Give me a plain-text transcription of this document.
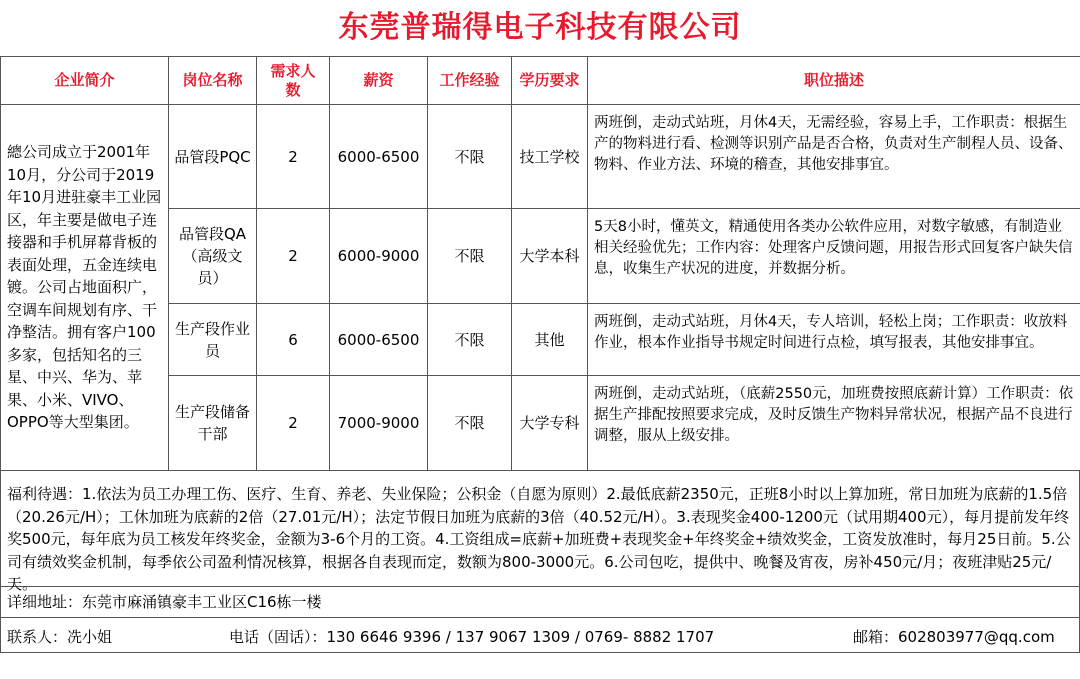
东莞普瑞得电子科技有限公司
企业简介	岗位名称	需求人数	薪资	工作经验	学历要求	职位描述
總公司成立于2001年10月，分公司于2019年10月进驻豪丰工业园区，年主要是做电子连接器和手机屏幕背板的表面处理，五金连续电镀。公司占地面积广，空调车间规划有序、干净整洁。拥有客户100多家，包括知名的三星、中兴、华为、苹果、小米、VIVO、OPPO等大型集团。	品管段PQC	2	6000-6500	不限	技工学校	两班倒，走动式站班，月休4天，无需经验，容易上手，工作职责：根据生产的物料进行看、检测等识别产品是否合格，负责对生产制程人员、设备、物料、作业方法、环境的稽查，其他安排事宜。
	品管段QA（高级文员）	2	6000-9000	不限	大学本科	5天8小时，懂英文，精通使用各类办公软件应用，对数字敏感，有制造业相关经验优先；工作内容：处理客户反馈问题，用报告形式回复客户缺失信息，收集生产状况的进度，并数据分析。
	生产段作业员	6	6000-6500	不限	其他	两班倒，走动式站班，月休4天，专人培训，轻松上岗；工作职责：收放料作业，根本作业指导书规定时间进行点检，填写报表，其他安排事宜。
	生产段储备干部	2	7000-9000	不限	大学专科	两班倒，走动式站班，（底薪2550元，加班费按照底薪计算）工作职责：依据生产排配按照要求完成，及时反馈生产物料异常状况，根据产品不良进行调整，服从上级安排。
福利待遇：1.依法为员工办理工伤、医疗、生育、养老、失业保险；公积金（自愿为原则）2.最低底薪2350元，正班8小时以上算加班，常日加班为底薪的1.5倍（20.26元/H）；工休加班为底薪的2倍（27.01元/H）；法定节假日加班为底薪的3倍（40.52元/H）。3.表现奖金400-1200元（试用期400元），每月提前发年终奖500元，每年底为员工核发年终奖金，金额为3-6个月的工资。4.工资组成=底薪+加班费+表现奖金+年终奖金+绩效奖金，工资发放准时，每月25日前。5.公司有绩效奖金机制，每季依公司盈利情况核算，根据各自表现而定，数额为800-3000元。6.公司包吃，提供中、晚餐及宵夜，房补450元/月；夜班津贴25元/天。
详细地址：东莞市麻涌镇豪丰工业区C16栋一楼
联系人：冼小姐	电话（固话）：130 6646 9396 / 137 9067 1309 / 0769- 8882 1707	邮箱：602803977@qq.com
